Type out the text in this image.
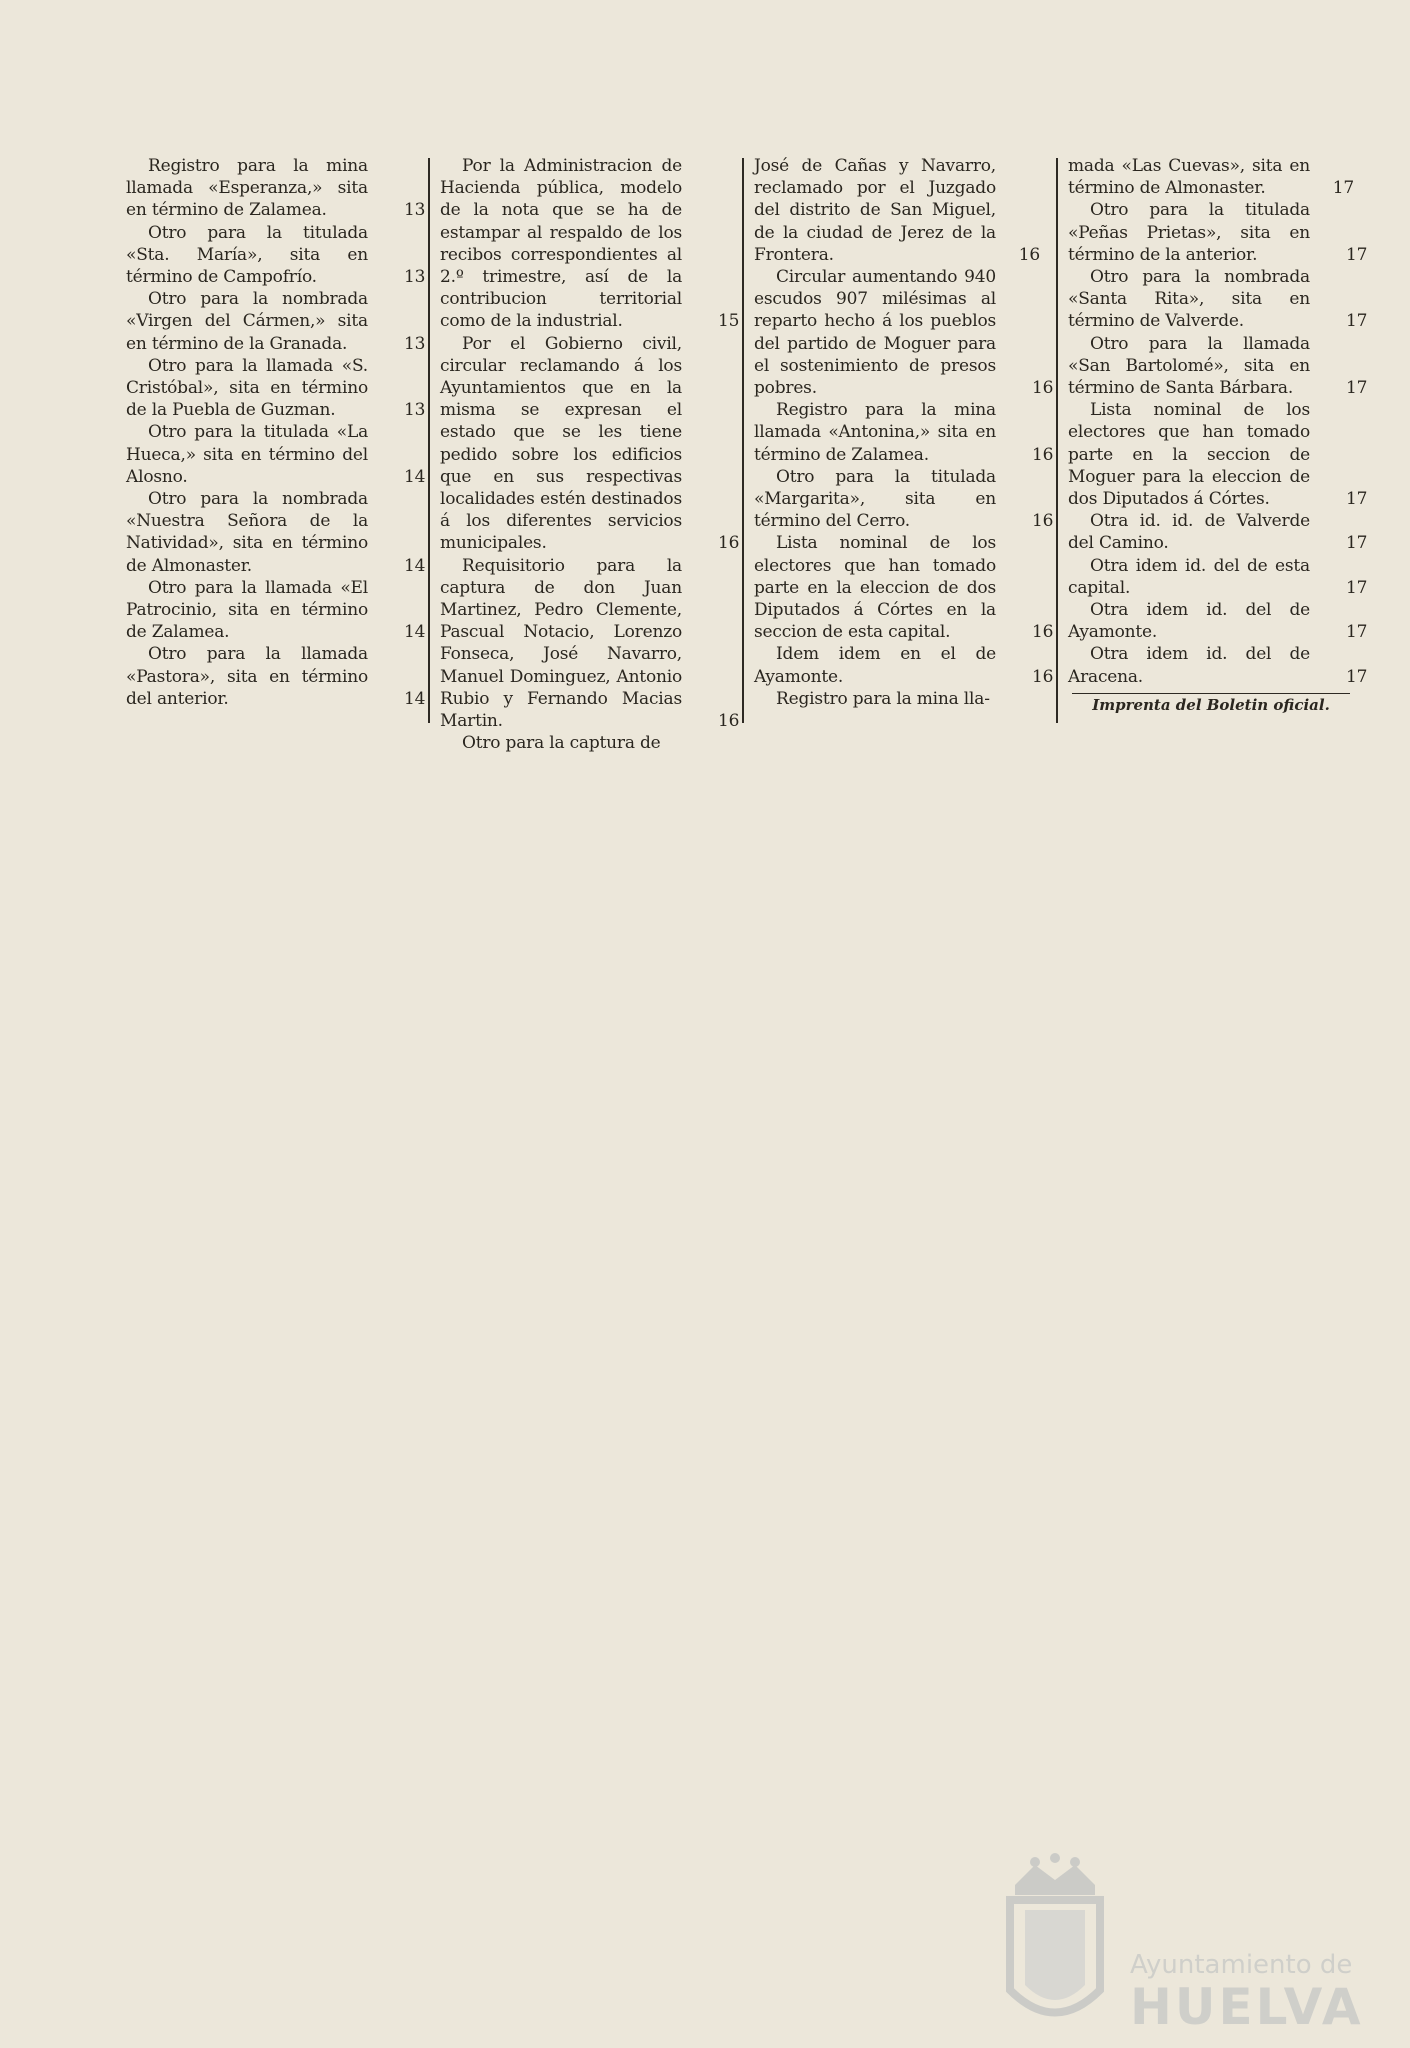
Registro para la mina llamada «Esperanza,» sita en término de Zalamea.	13

Otro para la titulada «Sta. María», sita en término de Campofrío.	13

Otro para la nombrada «Virgen del Cármen,» sita en término de la Granada.	13

Otro para la llamada «S. Cristóbal», sita en término de la Puebla de Guzman.	13

Otro para la titulada «La Hueca,» sita en término del Alosno.	14

Otro para la nombrada «Nuestra Señora de la Natividad», sita en término de Almonaster.	14

Otro para la llamada «El Patrocinio, sita en término de Zalamea.	14

Otro para la llamada «Pastora», sita en término del anterior.	14

Por la Administracion de Hacienda pública, modelo de la nota que se ha de estampar al respaldo de los recibos correspondientes al 2.º trimestre, así de la contribucion territorial como de la industrial.	15

Por el Gobierno civil, circular reclamando á los Ayuntamientos que en la misma se expresan el estado que se les tiene pedido sobre los edificios que en sus respectivas localidades estén destinados á los diferentes servicios municipales.	16

Requisitorio para la captura de don Juan Martinez, Pedro Clemente, Pascual Notacio, Lorenzo Fonseca, José Navarro, Manuel Dominguez, Antonio Rubio y Fernando Macias Martin.	16

Otro para la captura de

José de Cañas y Navarro, reclamado por el Juzgado del distrito de San Miguel, de la ciudad de Jerez de la Frontera.	16

Circular aumentando 940 escudos 907 milésimas al reparto hecho á los pueblos del partido de Moguer para el sostenimiento de presos pobres.	16

Registro para la mina llamada «Antonina,» sita en término de Zalamea.	16

Otro para la titulada «Margarita», sita en término del Cerro.	16

Lista nominal de los electores que han tomado parte en la eleccion de dos Diputados á Córtes en la seccion de esta capital.	16

Idem idem en el de Ayamonte.	16

Registro para la mina lla-

mada «Las Cuevas», sita en término de Almonaster.	17

Otro para la titulada «Peñas Prietas», sita en término de la anterior.	17

Otro para la nombrada «Santa Rita», sita en término de Valverde.	17

Otro para la llamada «San Bartolomé», sita en término de Santa Bárbara.	17

Lista nominal de los electores que han tomado parte en la seccion de Moguer para la eleccion de dos Diputados á Córtes.	17

Otra id. id. de Valverde del Camino.	17

Otra idem id. del de esta capital.	17

Otra idem id. del de Ayamonte.	17

Otra idem id. del de Aracena.	17

Imprenta del Boletin oficial.
Ayuntamiento de
HUELVA
